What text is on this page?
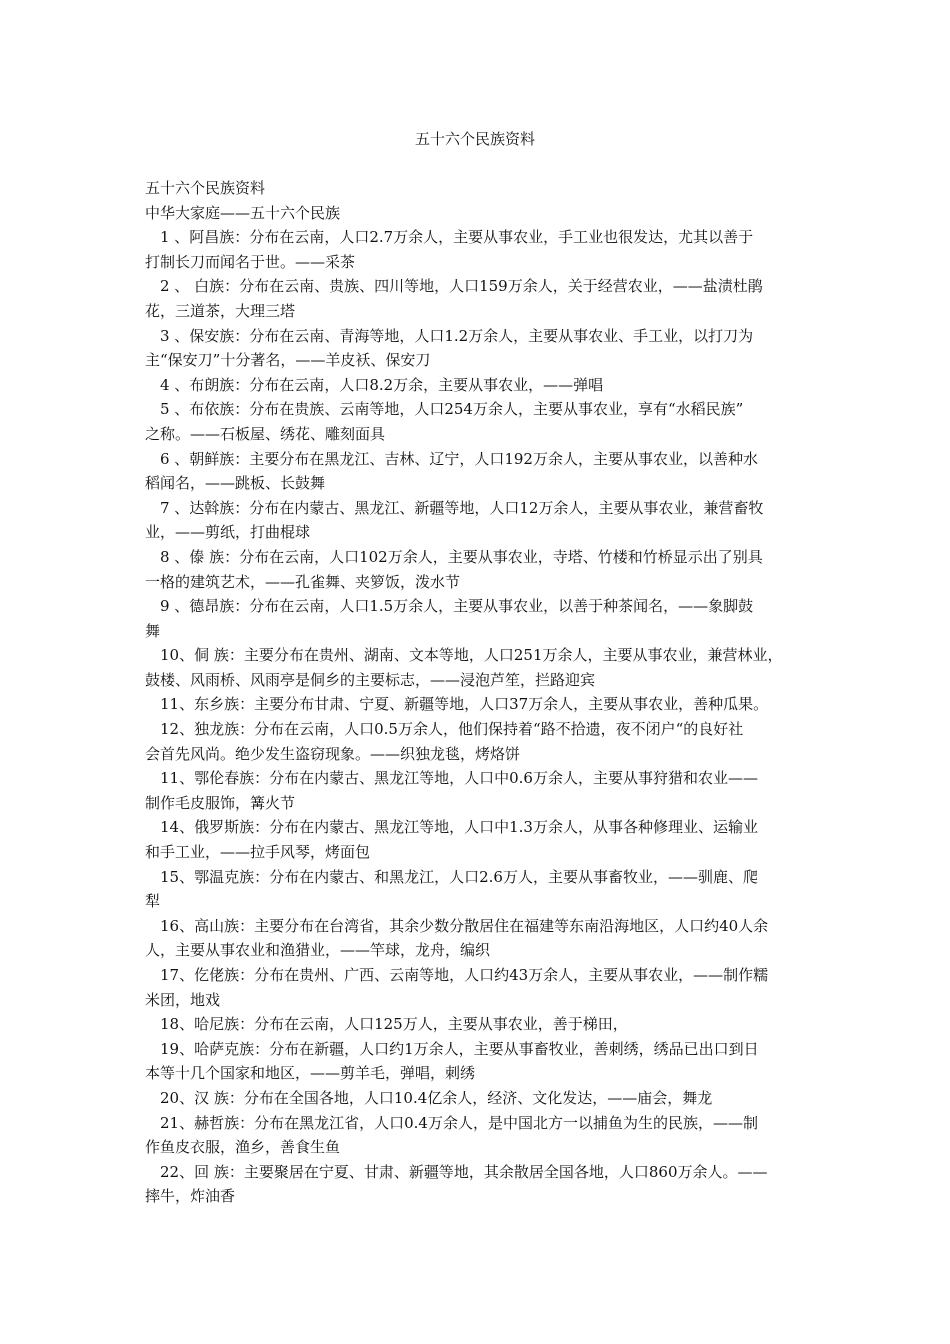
五十六个民族资料
五十六个民族资料
中华大家庭——五十六个民族
1 、阿昌族：分布在云南，人口2.7万余人，主要从事农业，手工业也很发达，尤其以善于
打制长刀而闻名于世。——采茶
2 、 白族：分布在云南、贵族、四川等地，人口159万余人，关于经营农业，——盐渍杜鹃
花，三道茶，大理三塔
3 、保安族：分布在云南、青海等地，人口1.2万余人，主要从事农业、手工业，以打刀为
主“保安刀”十分著名，——羊皮袄、保安刀
4 、布朗族：分布在云南，人口8.2万余，主要从事农业，——弹唱
5 、布依族：分布在贵族、云南等地，人口254万余人，主要从事农业，享有“水稻民族”
之称。——石板屋、绣花、雕刻面具
6 、朝鲜族：主要分布在黑龙江、吉林、辽宁，人口192万余人，主要从事农业，以善种水
稻闻名，——跳板、长鼓舞
7 、达斡族：分布在内蒙古、黑龙江、新疆等地，人口12万余人，主要从事农业，兼营畜牧
业，——剪纸，打曲棍球
8 、傣 族：分布在云南，人口102万余人，主要从事农业，寺塔、竹楼和竹桥显示出了别具
一格的建筑艺术，——孔雀舞、夹箩饭，泼水节
9 、德昂族：分布在云南，人口1.5万余人，主要从事农业，以善于种茶闻名，——象脚鼓
舞
10、侗 族：主要分布在贵州、湖南、文本等地，人口251万余人，主要从事农业，兼营林业，
鼓楼、风雨桥、风雨亭是侗乡的主要标志，——浸泡芦笙，拦路迎宾
11、东乡族：主要分布甘肃、宁夏、新疆等地，人口37万余人，主要从事农业，善种瓜果。
12、独龙族：分布在云南，人口0.5万余人，他们保持着“路不拾遗，夜不闭户“的良好社
会首先风尚。绝少发生盗窃现象。——织独龙毯，烤烙饼
11、鄂伦春族：分布在内蒙古、黑龙江等地，人口中0.6万余人，主要从事狩猎和农业——
制作毛皮服饰，篝火节
14、俄罗斯族：分布在内蒙古、黑龙江等地，人口中1.3万余人，从事各种修理业、运输业
和手工业，——拉手风琴，烤面包
15、鄂温克族：分布在内蒙古、和黑龙江，人口2.6万人，主要从事畜牧业，——驯鹿、爬
犁
16、高山族：主要分布在台湾省，其余少数分散居住在福建等东南沿海地区，人口约40人余
人，主要从事农业和渔猎业，——竿球，龙舟，编织
17、仡佬族：分布在贵州、广西、云南等地，人口约43万余人，主要从事农业，——制作糯
米团，地戏
18、哈尼族：分布在云南，人口125万人，主要从事农业，善于梯田，
19、哈萨克族：分布在新疆，人口约1万余人，主要从事畜牧业，善刺绣，绣品已出口到日
本等十几个国家和地区，——剪羊毛，弹唱，刺绣
20、汉 族：分布在全国各地，人口10.4亿余人，经济、文化发达，——庙会，舞龙
21、赫哲族：分布在黑龙江省，人口0.4万余人，是中国北方一以捕鱼为生的民族，——制
作鱼皮衣服，渔乡，善食生鱼
22、回 族：主要聚居在宁夏、甘肃、新疆等地，其余散居全国各地，人口860万余人。——
摔牛，炸油香
